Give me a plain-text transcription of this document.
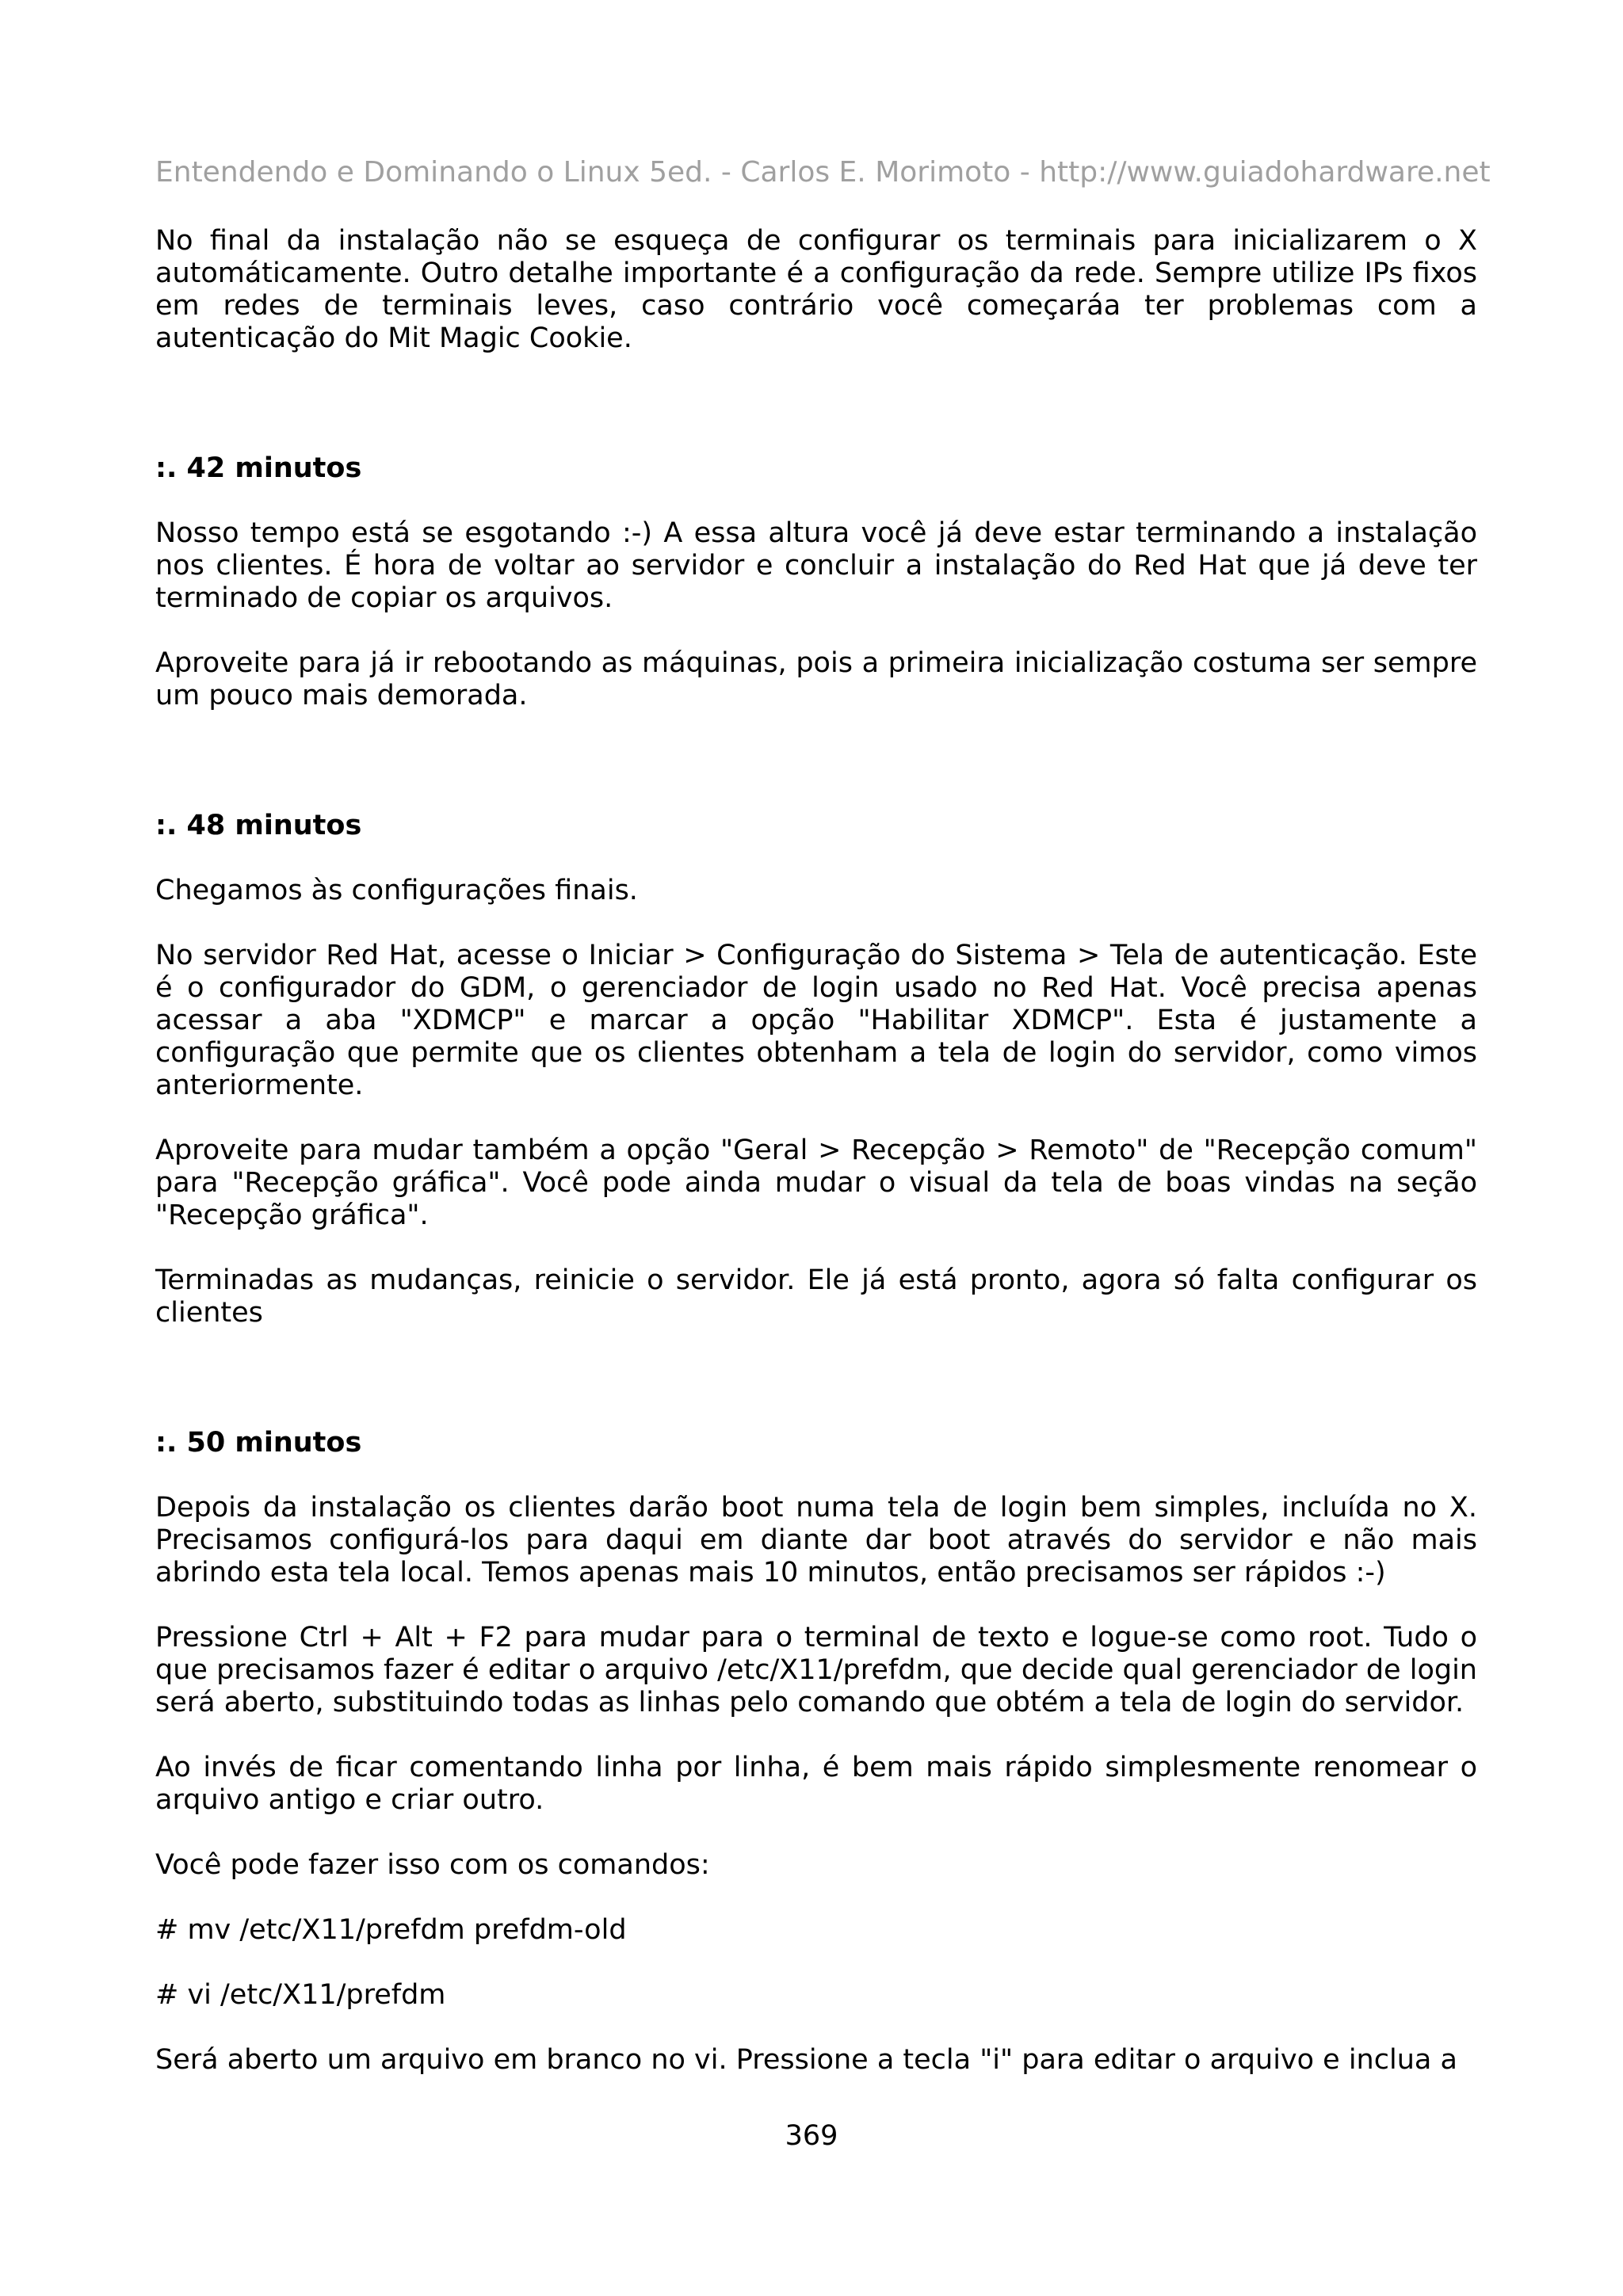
Entendendo e Dominando o Linux 5ed. - Carlos E. Morimoto - http://www.guiadohardware.net

No final da instalação não se esqueça de configurar os terminais para inicializarem o X automáticamente. Outro detalhe importante é a configuração da rede. Sempre utilize IPs fixos em redes de terminais leves, caso contrário você começaráa ter problemas com a autenticação do Mit Magic Cookie.

:. 42 minutos

Nosso tempo está se esgotando :-) A essa altura você já deve estar terminando a instalação nos clientes. É hora de voltar ao servidor e concluir a instalação do Red Hat que já deve ter terminado de copiar os arquivos.

Aproveite para já ir rebootando as máquinas, pois a primeira inicialização costuma ser sempre um pouco mais demorada.

:. 48 minutos

Chegamos às configurações finais.

No servidor Red Hat, acesse o Iniciar > Configuração do Sistema > Tela de autenticação. Este é o configurador do GDM, o gerenciador de login usado no Red Hat. Você precisa apenas acessar a aba "XDMCP" e marcar a opção "Habilitar XDMCP". Esta é justamente a configuração que permite que os clientes obtenham a tela de login do servidor, como vimos anteriormente.

Aproveite para mudar também a opção "Geral > Recepção > Remoto" de "Recepção comum" para "Recepção gráfica". Você pode ainda mudar o visual da tela de boas vindas na seção "Recepção gráfica".

Terminadas as mudanças, reinicie o servidor. Ele já está pronto, agora só falta configurar os clientes

:. 50 minutos

Depois da instalação os clientes darão boot numa tela de login bem simples, incluída no X. Precisamos configurá-los para daqui em diante dar boot através do servidor e não mais abrindo esta tela local. Temos apenas mais 10 minutos, então precisamos ser rápidos :-)

Pressione Ctrl + Alt + F2 para mudar para o terminal de texto e logue-se como root. Tudo o que precisamos fazer é editar o arquivo /etc/X11/prefdm, que decide qual gerenciador de login será aberto, substituindo todas as linhas pelo comando que obtém a tela de login do servidor.

Ao invés de ficar comentando linha por linha, é bem mais rápido simplesmente renomear o arquivo antigo e criar outro.

Você pode fazer isso com os comandos:

# mv /etc/X11/prefdm prefdm-old

# vi /etc/X11/prefdm

Será aberto um arquivo em branco no vi. Pressione a tecla "i" para editar o arquivo e inclua a

369
